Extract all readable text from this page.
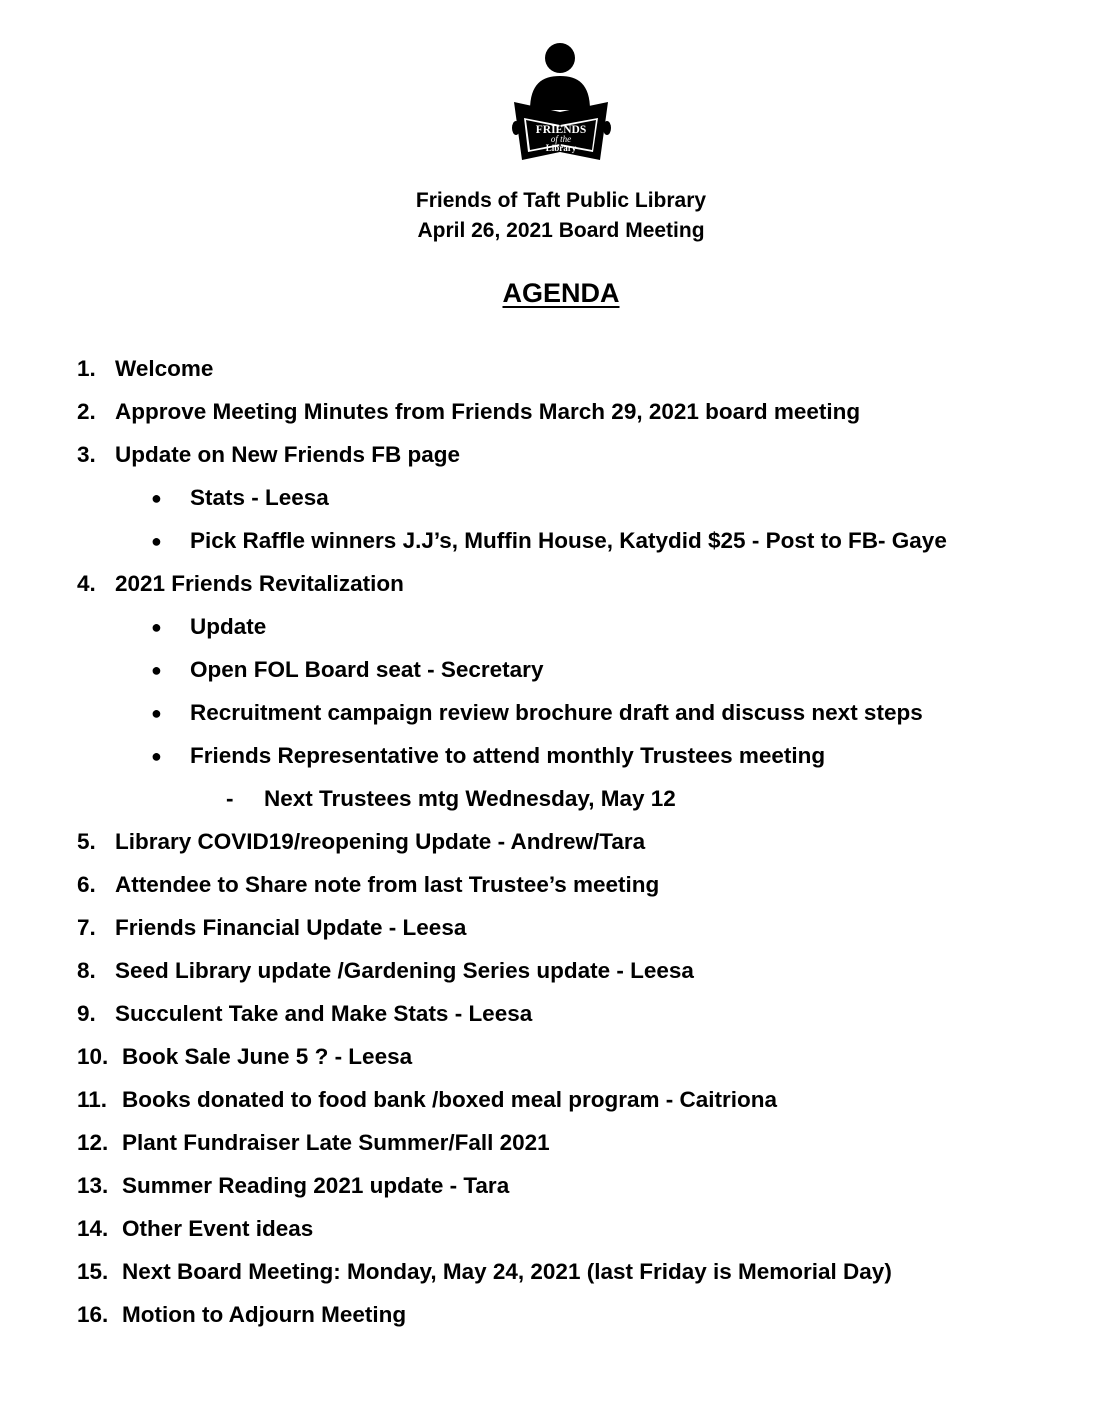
FRIENDS
of the
Library
Friends of Taft Public Library
April 26, 2021 Board Meeting
AGENDA
1. Welcome
2. Approve Meeting Minutes from Friends March 29, 2021 board meeting
3. Update on New Friends FB page
● Stats - Leesa
● Pick Raffle winners J.J’s, Muffin House, Katydid $25 - Post to FB- Gaye
4. 2021 Friends Revitalization
● Update
● Open FOL Board seat - Secretary
● Recruitment campaign review brochure draft and discuss next steps
● Friends Representative to attend monthly Trustees meeting
- Next Trustees mtg Wednesday, May 12
5. Library COVID19/reopening Update - Andrew/Tara
6. Attendee to Share note from last Trustee’s meeting
7. Friends Financial Update - Leesa
8. Seed Library update /Gardening Series update - Leesa
9. Succulent Take and Make Stats - Leesa
10. Book Sale June 5 ? - Leesa
11. Books donated to food bank /boxed meal program - Caitriona
12. Plant Fundraiser Late Summer/Fall 2021
13. Summer Reading 2021 update - Tara
14. Other Event ideas
15. Next Board Meeting: Monday, May 24, 2021 (last Friday is Memorial Day)
16. Motion to Adjourn Meeting
